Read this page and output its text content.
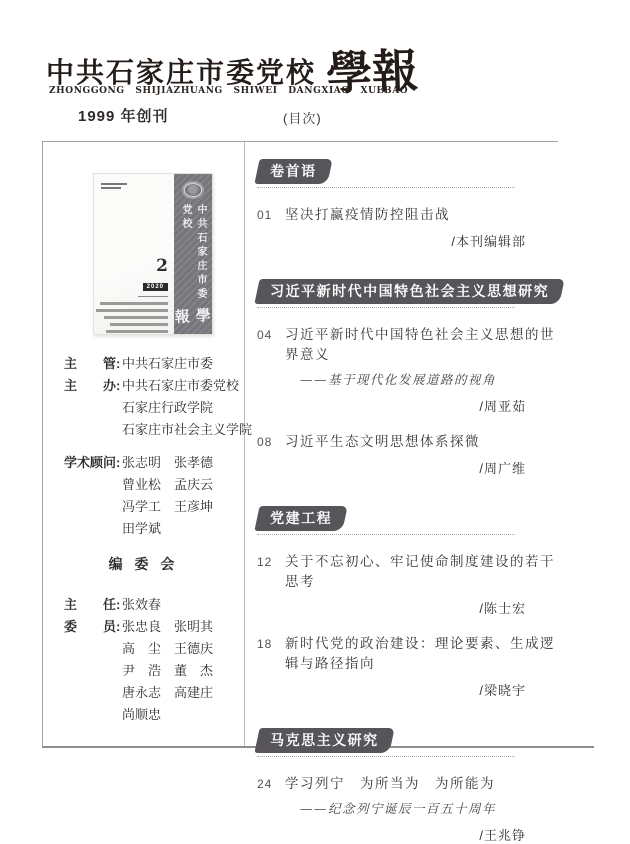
中共石家庄市委党校 學報
ZHONGGONG SHIJIAZHUANG SHIWEI DANGXIAO XUEBAO
1999 年创刊	(目次)
2
2020	中共石家庄市委党校
學報
主　　管: 中共石家庄市委
主　　办: 中共石家庄市委党校
石家庄行政学院
石家庄市社会主义学院
学术顾问: 张志明　张孝德
曾业松　孟庆云
冯学工　王彦坤
田学斌
编 委 会
主　　任: 张效春
委　　员: 张忠良　张明其
高　尘　王德庆
尹　浩　董　杰
唐永志　高建庄
尚顺忠
卷首语
01 坚决打赢疫情防控阻击战
/本刊编辑部
习近平新时代中国特色社会主义思想研究
04 习近平新时代中国特色社会主义思想的世界意义
——基于现代化发展道路的视角
/周亚茹
08 习近平生态文明思想体系探微
/周广维
党建工程
12 关于不忘初心、牢记使命制度建设的若干思考
/陈士宏
18 新时代党的政治建设：理论要素、生成逻辑与路径指向
/梁晓宇
马克思主义研究
24 学习列宁　为所当为　为所能为
——纪念列宁诞辰一百五十周年
/王兆铮
